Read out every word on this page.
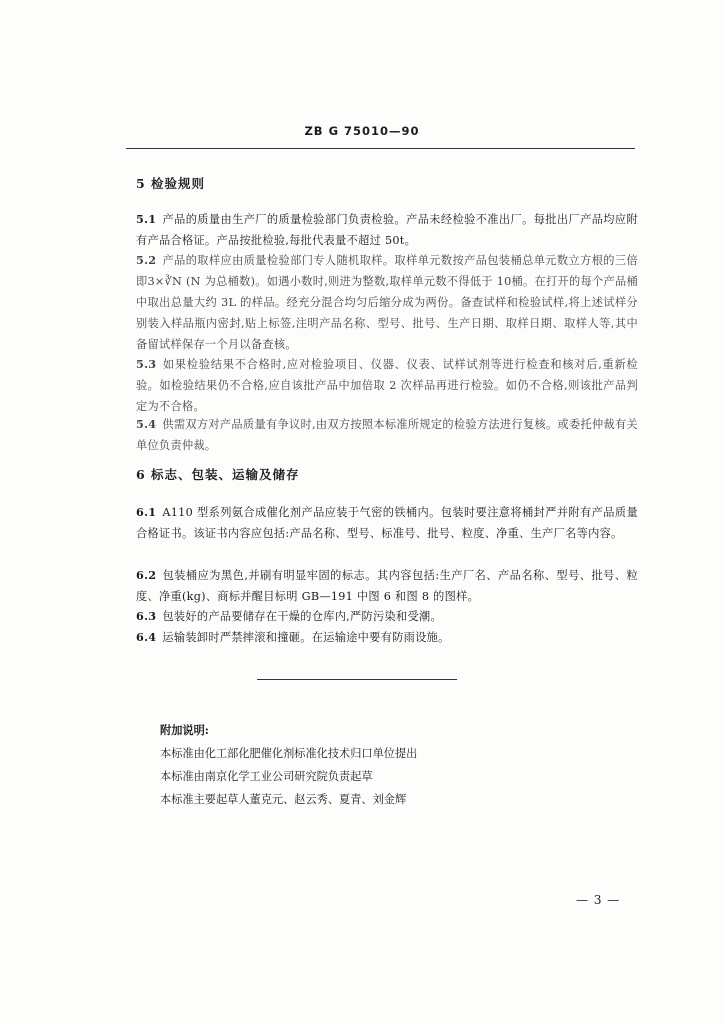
ZB G 75010—90
5 检验规则
5.1 产品的质量由生产厂的质量检验部门负责检验。产品未经检验不准出厂。每批出厂产品均应附有产品合格证。产品按批检验,每批代表量不超过 50t。
5.2 产品的取样应由质量检验部门专人随机取样。取样单元数按产品包装桶总单元数立方根的三倍即3×∛N (N 为总桶数)。如遇小数时,则进为整数,取样单元数不得低于 10桶。在打开的每个产品桶中取出总量大约 3L 的样品。经充分混合均匀后缩分成为两份。备查试样和检验试样,将上述试样分别装入样品瓶内密封,贴上标签,注明产品名称、型号、批号、生产日期、取样日期、取样人等,其中备留试样保存一个月以备查核。
5.3 如果检验结果不合格时,应对检验项目、仪器、仪表、试样试剂等进行检查和核对后,重新检验。如检验结果仍不合格,应自该批产品中加倍取 2 次样品再进行检验。如仍不合格,则该批产品判定为不合格。
5.4 供需双方对产品质量有争议时,由双方按照本标准所规定的检验方法进行复核。或委托仲裁有关单位负责仲裁。
6 标志、包装、运输及储存
6.1 A110 型系列氨合成催化剂产品应装于气密的铁桶内。包装时要注意将桶封严并附有产品质量合格证书。该证书内容应包括:产品名称、型号、标准号、批号、粒度、净重、生产厂名等内容。
6.2 包装桶应为黑色,并刷有明显牢固的标志。其内容包括:生产厂名、产品名称、型号、批号、粒度、净重(kg)、商标并醒目标明 GB—191 中图 6 和图 8 的图样。
6.3 包装好的产品要储存在干燥的仓库内,严防污染和受潮。
6.4 运输装卸时严禁摔滚和撞砸。在运输途中要有防雨设施。
附加说明:
本标准由化工部化肥催化剂标准化技术归口单位提出
本标准由南京化学工业公司研究院负责起草
本标准主要起草人董克元、赵云秀、夏青、刘金辉
— 3 —
